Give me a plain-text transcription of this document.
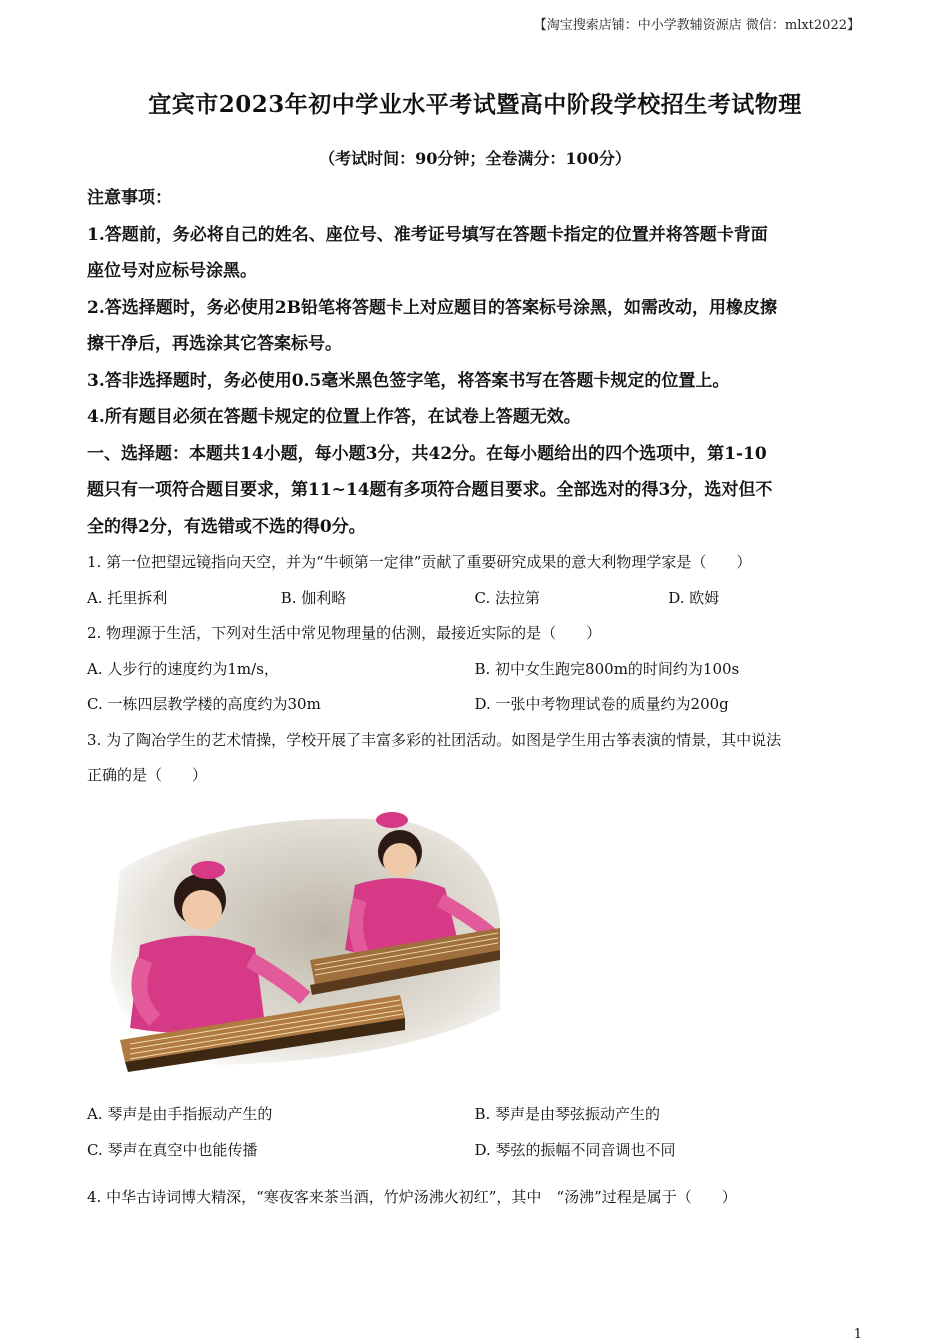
【淘宝搜索店铺：中小学教辅资源店 微信：mlxt2022】
宜宾市2023年初中学业水平考试暨高中阶段学校招生考试物理
（考试时间：90分钟；全卷满分：100分）

注意事项：

1.答题前，务必将自己的姓名、座位号、准考证号填写在答题卡指定的位置并将答题卡背面

座位号对应标号涂黑。

2.答选择题时，务必使用2B铅笔将答题卡上对应题目的答案标号涂黑，如需改动，用橡皮擦

擦干净后，再选涂其它答案标号。

3.答非选择题时，务必使用0.5毫米黑色签字笔，将答案书写在答题卡规定的位置上。

4.所有题目必须在答题卡规定的位置上作答，在试卷上答题无效。

一、选择题：本题共14小题，每小题3分，共42分。在每小题给出的四个选项中，第1-10

题只有一项符合题目要求，第11~14题有多项符合题目要求。全部选对的得3分，选对但不

全的得2分，有选错或不选的得0分。

1. 第一位把望远镜指向天空，并为“牛顿第一定律”贡献了重要研究成果的意大利物理学家是（　　）

A. 托里拆利	B. 伽利略	C. 法拉第	D. 欧姆

2. 物理源于生活，下列对生活中常见物理量的估测，最接近实际的是（　　）

A. 人步行的速度约为1m/s，	B. 初中女生跑完800m的时间约为100s
C. 一栋四层教学楼的高度约为30m	D. 一张中考物理试卷的质量约为200g

3. 为了陶冶学生的艺术情操，学校开展了丰富多彩的社团活动。如图是学生用古筝表演的情景，其中说法

正确的是（　　）

A. 琴声是由手指振动产生的	B. 琴声是由琴弦振动产生的
C. 琴声在真空中也能传播	D. 琴弦的振幅不同音调也不同
4. 中华古诗词博大精深，“寒夜客来茶当酒，竹炉汤沸火初红”，其中　“汤沸”过程是属于（　　）
1
